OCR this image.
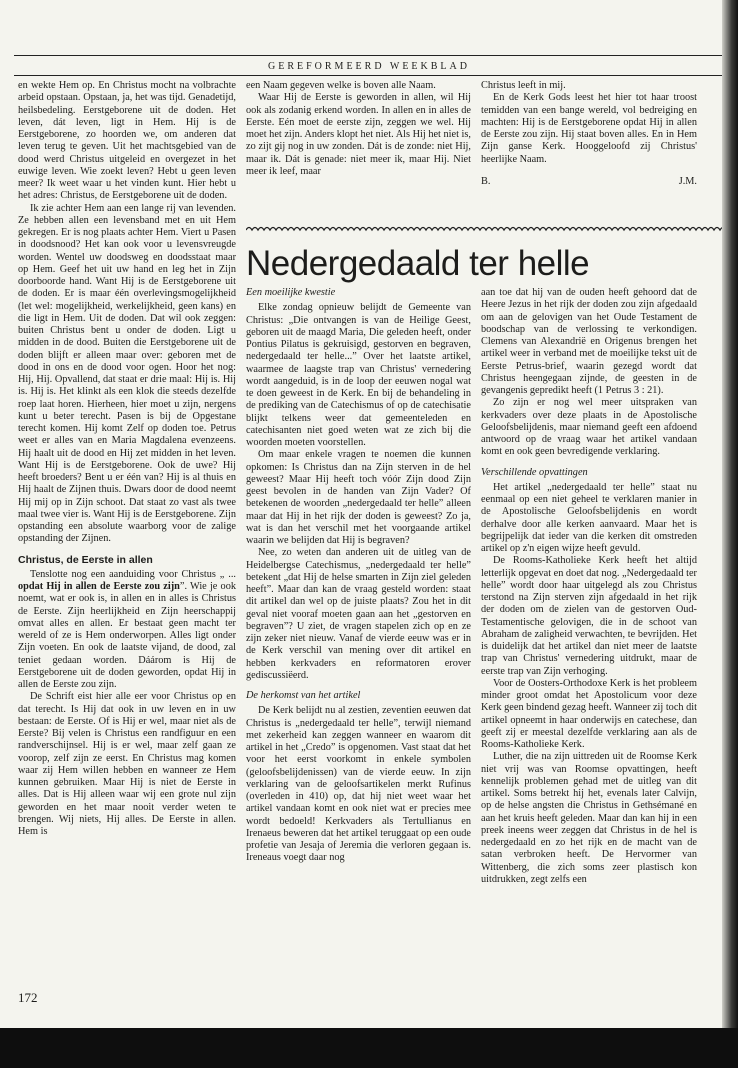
GEREFORMEERD WEEKBLAD

en wekte Hem op. En Christus mocht na volbrachte arbeid opstaan. Opstaan, ja, het was tijd. Genadetijd, heilsbedeling. Eerstgeborene uit de doden. Het leven, dát leven, ligt in Hem. Hij is de Eerstgeborene, zo hoorden we, om anderen dat leven terug te geven. Uit het machtsgebied van de dood werd Christus uitgeleid en overgezet in het euwige leven. Wie zoekt leven? Hebt u geen leven meer? Ik weet waar u het vinden kunt. Hier hebt u het adres: Christus, de Eerstgeborene uit de doden.

Ik zie achter Hem aan een lange rij van levenden. Ze hebben allen een levensband met en uit Hem gekregen. Er is nog plaats achter Hem. Viert u Pasen in doodsnood? Het kan ook voor u levensvreugde worden. Wentel uw doodsweg en doodsstaat maar op Hem. Geef het uit uw hand en leg het in Zijn doorboorde hand. Want Hij is de Eerstgeborene uit de doden. Er is maar één overlevingsmogelijkheid (let wel: mogelijkheid, werkelijkheid, geen kans) en die ligt in Hem. Uit de doden. Dat wil ook zeggen: buiten Christus bent u onder de doden. Ligt u midden in de dood. Buiten die Eerstgeborene uit de doden blijft er alleen maar over: geboren met de dood in ons en de dood voor ogen. Hoor het nog: Hij, Hij. Opvallend, dat staat er drie maal: Hij is. Hij is. Hij is. Het klinkt als een klok die steeds dezelfde roep laat horen. Hierheen, hier moet u zijn, nergens kunt u beter terecht. Pasen is bij de Opgestane terecht komen. Hij komt Zelf op doden toe. Petrus weet er alles van en Maria Magdalena evenzeens. Hij haalt uit de dood en Hij zet midden in het leven. Want Hij is de Eerstgeborene. Ook de uwe? Hij heeft broeders? Bent u er één van? Hij is al thuis en Hij haalt de Zijnen thuis. Dwars door de dood neemt Hij mij op in Zijn schoot. Dat staat zo vast als twee maal twee vier is. Want Hij is de Eerstgeborene. Zijn opstanding een absolute waarborg voor de zalige opstanding der Zijnen.

Christus, de Eerste in allen

Tenslotte nog een aanduiding voor Christus „ ... opdat Hij in allen de Eerste zou zijn”. Wie je ook noemt, wat er ook is, in allen en in alles is Christus de Eerste. Zijn heerlijkheid en Zijn heerschappij omvat alles en allen. Er bestaat geen macht ter wereld of ze is Hem onderworpen. Alles ligt onder Zijn voeten. En ook de laatste vijand, de dood, zal teniet gedaan worden. Dáárom is Hij de Eerstgeborene uit de doden geworden, opdat Hij in allen de Eerste zou zijn.

De Schrift eist hier alle eer voor Christus op en dat terecht. Is Hij dat ook in uw leven en in uw bestaan: de Eerste. Of is Hij er wel, maar niet als de Eerste? Bij velen is Christus een randfiguur en een randverschijnsel. Hij is er wel, maar zelf gaan ze voorop, zelf zijn ze eerst. En Christus mag komen waar zij Hem willen hebben en wanneer ze Hem kunnen gebruiken. Maar Hij is niet de Eerste in alles. Dat is Hij alleen waar wij een grote nul zijn geworden en het maar nooit verder weten te brengen. Wij niets, Hij alles. De Eerste in allen. Hem is

een Naam gegeven welke is boven alle Naam.

Waar Hij de Eerste is geworden in allen, wil Hij ook als zodanig erkend worden. In allen en in alles de Eerste. Eén moet de eerste zijn, zeggen we wel. Hij moet het zijn. Anders klopt het niet. Als Hij het niet is, zo zijt gij nog in uw zonden. Dát is de zonde: niet Hij, maar ik. Dát is genade: niet meer ik, maar Hij. Niet meer ik leef, maar

Christus leeft in mij.

En de Kerk Gods leest het hier tot haar troost temidden van een bange wereld, vol bedreiging en machten: Hij is de Eerstgeborene opdat Hij in allen de Eerste zou zijn. Hij staat boven alles. En in Hem Zijn ganse Kerk. Hooggeloofd zij Christus' heerlijke Naam.

B.	J.M.
Nedergedaald ter helle
Een moeilijke kwestie

Elke zondag opnieuw belijdt de Gemeente van Christus: „Die ontvangen is van de Heilige Geest, geboren uit de maagd Maria, Die geleden heeft, onder Pontius Pilatus is gekruisigd, gestorven en begraven, nedergedaald ter helle...” Over het laatste artikel, waarmee de laagste trap van Christus' vernedering wordt aangeduid, is in de loop der eeuwen nogal wat te doen geweest in de Kerk. En bij de behandeling in de prediking van de Catechismus of op de catechisatie blijkt telkens weer dat gemeenteleden en catechisanten niet goed weten wat ze zich bij die woorden moeten voorstellen.

Om maar enkele vragen te noemen die kunnen opkomen: Is Christus dan na Zijn sterven in de hel geweest? Maar Hij heeft toch vóór Zijn dood Zijn geest bevolen in de handen van Zijn Vader? Of betekenen de woorden „nedergedaald ter helle” alleen maar dat Hij in het rijk der doden is geweest? Zo ja, wat is dan het verschil met het voorgaande artikel waarin we belijden dat Hij is begraven?

Nee, zo weten dan anderen uit de uitleg van de Heidelbergse Catechismus, „nedergedaald ter helle” betekent „dat Hij de helse smarten in Zijn ziel geleden heeft”. Maar dan kan de vraag gesteld worden: staat dit artikel dan wel op de juiste plaats? Zou het in dit geval niet vooraf moeten gaan aan het „gestorven en begraven”? U ziet, de vragen stapelen zich op en ze zijn zeker niet nieuw. Vanaf de vierde eeuw was er in de Kerk verschil van mening over dit artikel en hebben kerkvaders en reformatoren erover gediscussiëerd.

De herkomst van het artikel

De Kerk belijdt nu al zestien, zeventien eeuwen dat Christus is „nedergedaald ter helle”, terwijl niemand met zekerheid kan zeggen wanneer en waarom dit artikel in het „Credo” is opgenomen. Vast staat dat het voor het eerst voorkomt in enkele symbolen (geloofsbelijdenissen) van de vierde eeuw. In zijn verklaring van de geloofsartikelen merkt Rufinus (overleden in 410) op, dat hij niet weet waar het artikel vandaan komt en ook niet wat er precies mee wordt bedoeld! Kerkvaders als Tertullianus en Irenaeus beweren dat het artikel teruggaat op een oude profetie van Jesaja of Jeremia die verloren gegaan is. Ireneaus voegt daar nog

aan toe dat hij van de ouden heeft gehoord dat de Heere Jezus in het rijk der doden zou zijn afgedaald om aan de gelovigen van het Oude Testament de boodschap van de verlossing te verkondigen. Clemens van Alexandrië en Origenus brengen het artikel weer in verband met de moeilijke tekst uit de Eerste Petrus-brief, waarin gezegd wordt dat Christus heengegaan zijnde, de geesten in de gevangenis gepredikt heeft (1 Petrus 3 : 21).

Zo zijn er nog wel meer uitspraken van kerkvaders over deze plaats in de Apostolische Geloofsbelijdenis, maar niemand geeft een afdoend antwoord op de vraag waar het artikel vandaan komt en ook geen bevredigende verklaring.

Verschillende opvattingen

Het artikel „nedergedaald ter helle” staat nu eenmaal op een niet geheel te verklaren manier in de Apostolische Geloofsbelijdenis en wordt derhalve door alle kerken aanvaard. Maar het is begrijpelijk dat ieder van die kerken dit omstreden artikel op z'n eigen wijze heeft gevuld.

De Rooms-Katholieke Kerk heeft het altijd letterlijk opgevat en doet dat nog. „Nedergedaald ter helle” wordt door haar uitgelegd als zou Christus terstond na Zijn sterven zijn afgedaald in het rijk der doden om de zielen van de gestorven Oud-Testamentische gelovigen, die in de schoot van Abraham de zaligheid verwachten, te bevrijden. Het is duidelijk dat het artikel dan niet meer de laatste trap van Christus' vernedering uitdrukt, maar de eerste trap van Zijn verhoging.

Voor de Oosters-Orthodoxe Kerk is het probleem minder groot omdat het Apostolicum voor deze Kerk geen bindend gezag heeft. Wanneer zij toch dit artikel opneemt in haar onderwijs en catechese, dan geeft zij er meestal dezelfde verklaring aan als de Rooms-Katholieke Kerk.

Luther, die na zijn uittreden uit de Roomse Kerk niet vrij was van Roomse opvattingen, heeft kennelijk problemen gehad met de uitleg van dit artikel. Soms betrekt hij het, evenals later Calvijn, op de helse angsten die Christus in Gethsémané en aan het kruis heeft geleden. Maar dan kan hij in een preek ineens weer zeggen dat Christus in de hel is nedergedaald en zo het rijk en de macht van de satan verbroken heeft. De Hervormer van Wittenberg, die zich soms zeer plastisch kon uitdrukken, zegt zelfs een

172
